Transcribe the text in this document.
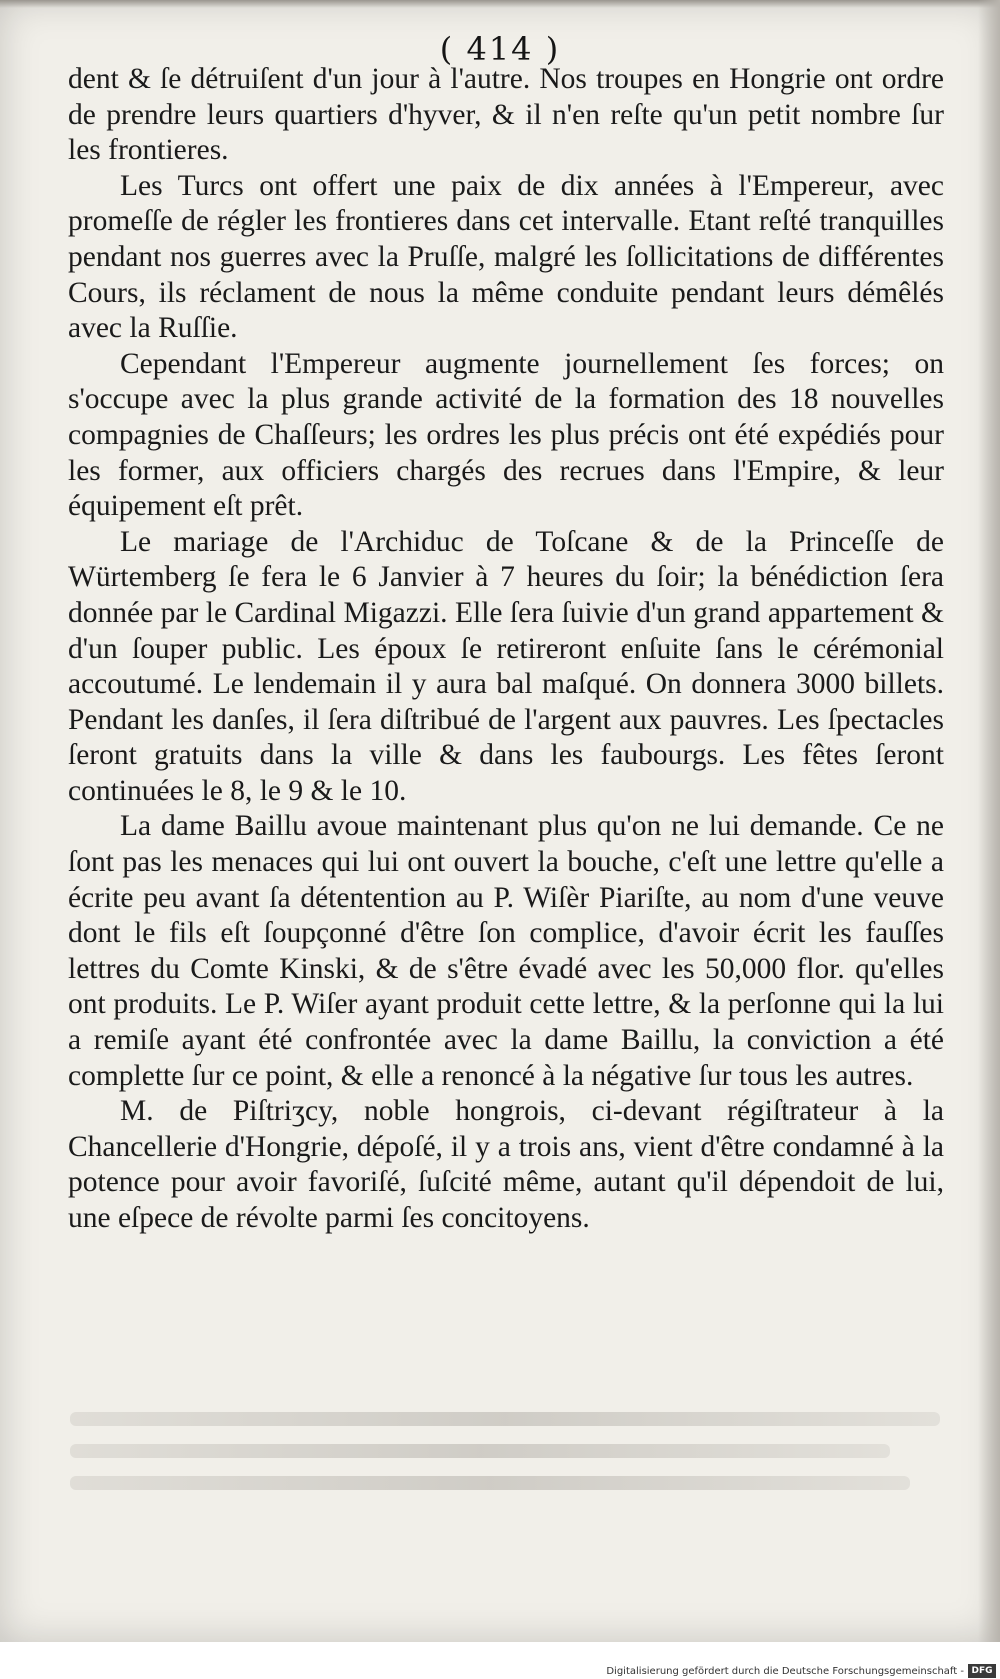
( 414 )

dent & ſe détruiſent d'un jour à l'autre. Nos troupes en Hongrie ont ordre de prendre leurs quartiers d'hyver, & il n'en reſte qu'un petit nombre ſur les frontieres.

Les Turcs ont offert une paix de dix années à l'Empereur, avec promeſſe de régler les frontieres dans cet intervalle. Etant reſté tranquilles pendant nos guerres avec la Pruſſe, malgré les ſollicitations de différentes Cours, ils réclament de nous la même conduite pendant leurs démêlés avec la Ruſſie.

Cependant l'Empereur augmente journellement ſes forces; on s'occupe avec la plus grande activité de la formation des 18 nouvelles compagnies de Chaſſeurs; les ordres les plus précis ont été expédiés pour les former, aux officiers chargés des recrues dans l'Empire, & leur équipement eſt prêt.

Le mariage de l'Archiduc de Toſcane & de la Princeſſe de Würtemberg ſe fera le 6 Janvier à 7 heures du ſoir; la bénédiction ſera donnée par le Cardinal Migazzi. Elle ſera ſuivie d'un grand appartement & d'un ſouper public. Les époux ſe retireront enſuite ſans le cérémonial accoutumé. Le lendemain il y aura bal maſqué. On donnera 3000 billets. Pendant les danſes, il ſera diſtribué de l'argent aux pauvres. Les ſpectacles ſeront gratuits dans la ville & dans les faubourgs. Les fêtes ſeront continuées le 8, le 9 & le 10.

La dame Baillu avoue maintenant plus qu'on ne lui demande. Ce ne ſont pas les menaces qui lui ont ouvert la bouche, c'eſt une lettre qu'elle a écrite peu avant ſa détentention au P. Wiſèr Piariſte, au nom d'une veuve dont le fils eſt ſoupçonné d'être ſon complice, d'avoir écrit les fauſſes lettres du Comte Kinski, & de s'être évadé avec les 50,000 flor. qu'elles ont produits. Le P. Wiſer ayant produit cette lettre, & la perſonne qui la lui a remiſe ayant été confrontée avec la dame Baillu, la conviction a été complette ſur ce point, & elle a renoncé à la négative ſur tous les autres.

M. de Piſtriʒcy, noble hongrois, ci-devant régiſtrateur à la Chancellerie d'Hongrie, dépoſé, il y a trois ans, vient d'être condamné à la potence pour avoir favoriſé, ſuſcité même, autant qu'il dépendoit de lui, une eſpece de révolte parmi ſes concitoyens.

Digitalisierung gefördert durch die Deutsche Forschungsgemeinschaft - DFG
